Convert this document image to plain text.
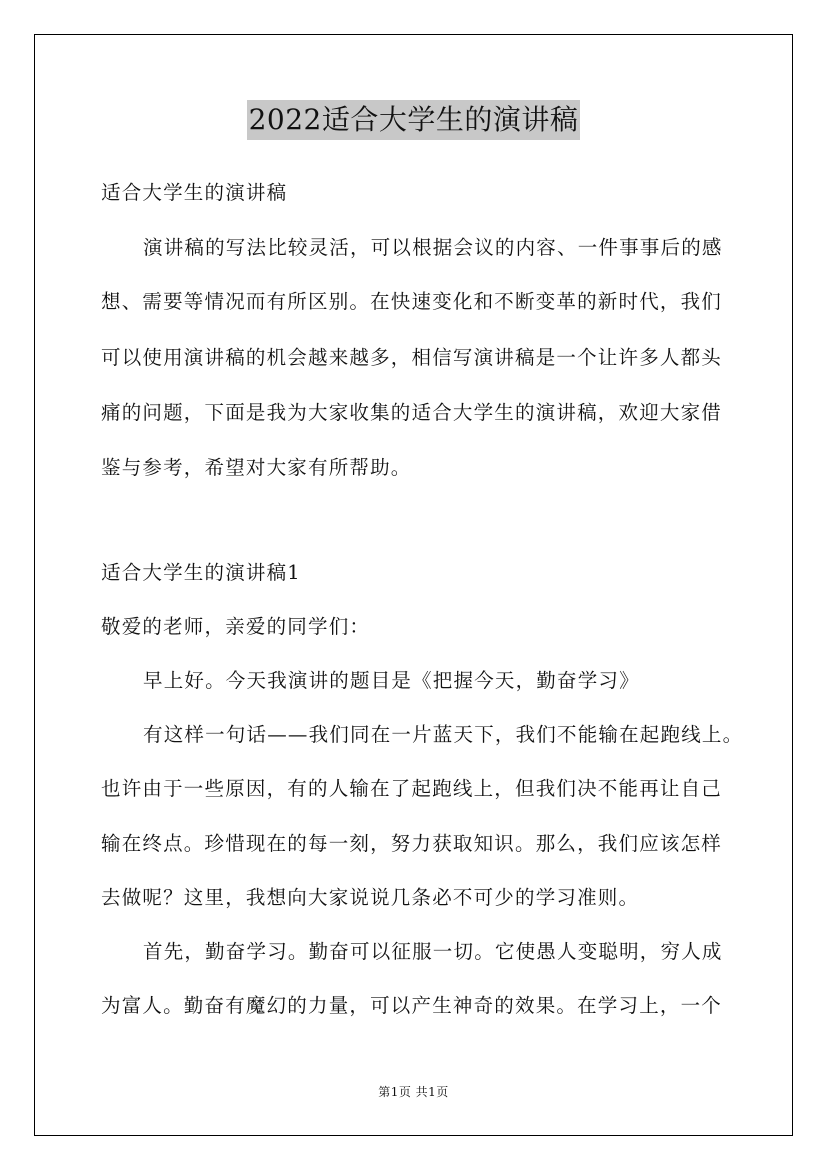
2022适合大学生的演讲稿
适合大学生的演讲稿
演讲稿的写法比较灵活，可以根据会议的内容、一件事事后的感
想、需要等情况而有所区别。在快速变化和不断变革的新时代，我们
可以使用演讲稿的机会越来越多，相信写演讲稿是一个让许多人都头
痛的问题，下面是我为大家收集的适合大学生的演讲稿，欢迎大家借
鉴与参考，希望对大家有所帮助。
适合大学生的演讲稿1
敬爱的老师，亲爱的同学们：
早上好。今天我演讲的题目是《把握今天，勤奋学习》
有这样一句话——我们同在一片蓝天下，我们不能输在起跑线上。
也许由于一些原因，有的人输在了起跑线上，但我们决不能再让自己
输在终点。珍惜现在的每一刻，努力获取知识。那么，我们应该怎样
去做呢？这里，我想向大家说说几条必不可少的学习准则。
首先，勤奋学习。勤奋可以征服一切。它使愚人变聪明，穷人成
为富人。勤奋有魔幻的力量，可以产生神奇的效果。在学习上，一个
第1页 共1页
